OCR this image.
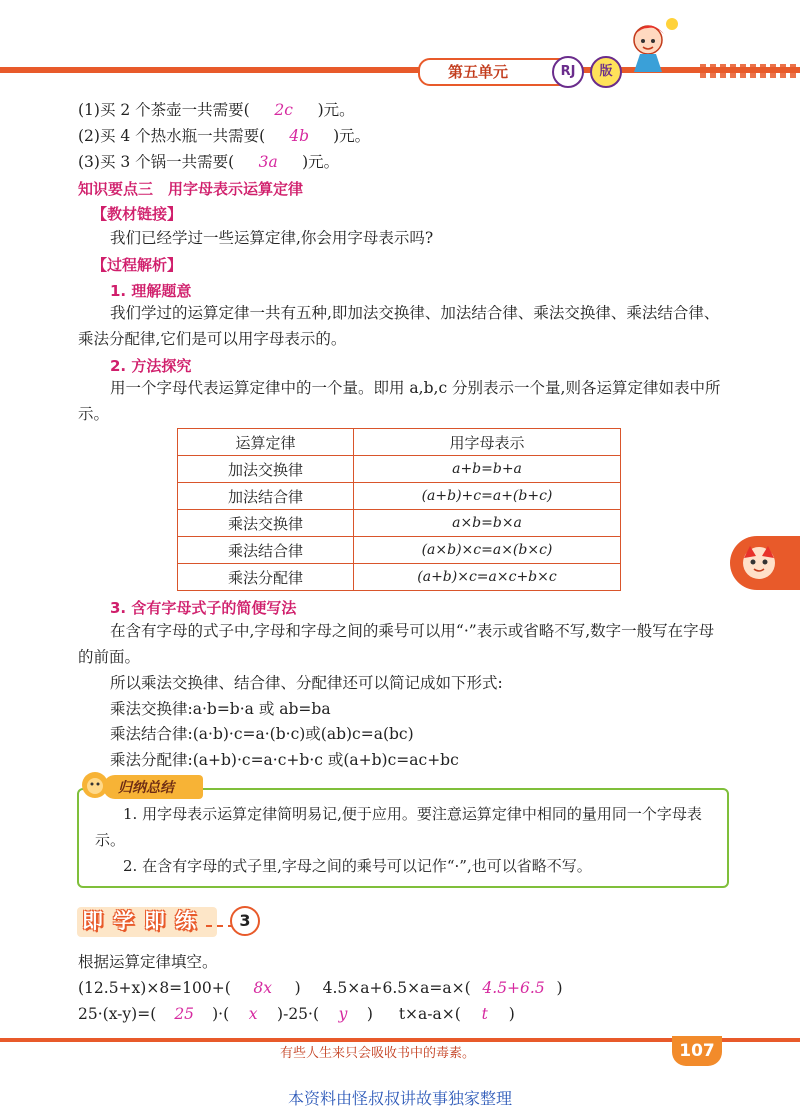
第五单元	RJ	版
(1)买 2 个茶壶一共需要( 2c )元。
(2)买 4 个热水瓶一共需要( 4b )元。
(3)买 3 个锅一共需要( 3a )元。
知识要点三　用字母表示运算定律
【教材链接】
我们已经学过一些运算定律,你会用字母表示吗?
【过程解析】
1. 理解题意
我们学过的运算定律一共有五种,即加法交换律、加法结合律、乘法交换律、乘法结合律、乘法分配律,它们是可以用字母表示的。
2. 方法探究
用一个字母代表运算定律中的一个量。即用 a,b,c 分别表示一个量,则各运算定律如表中所示。
运算定律	用字母表示
加法交换律	a+b=b+a
加法结合律	(a+b)+c=a+(b+c)
乘法交换律	a×b=b×a
乘法结合律	(a×b)×c=a×(b×c)
乘法分配律	(a+b)×c=a×c+b×c
3. 含有字母式子的简便写法
在含有字母的式子中,字母和字母之间的乘号可以用“·”表示或省略不写,数字一般写在字母的前面。
所以乘法交换律、结合律、分配律还可以简记成如下形式:
乘法交换律:a·b=b·a 或 ab=ba
乘法结合律:(a·b)·c=a·(b·c)或(ab)c=a(bc)
乘法分配律:(a+b)·c=a·c+b·c 或(a+b)c=ac+bc
归纳总结
1. 用字母表示运算定律简明易记,便于应用。要注意运算定律中相同的量用同一个字母表示。
2. 在含有字母的式子里,字母之间的乘号可以记作“·”,也可以省略不写。
即 学 即 练	3
根据运算定律填空。
(12.5+x)×8=100+( 8x ) 4.5×a+6.5×a=a×( 4.5+6.5 )
25·(x-y)=( 25 )·( x )-25·( y ) t×a-a×( t )
有些人生来只会吸收书中的毒素。	107
本资料由怪叔叔讲故事独家整理
